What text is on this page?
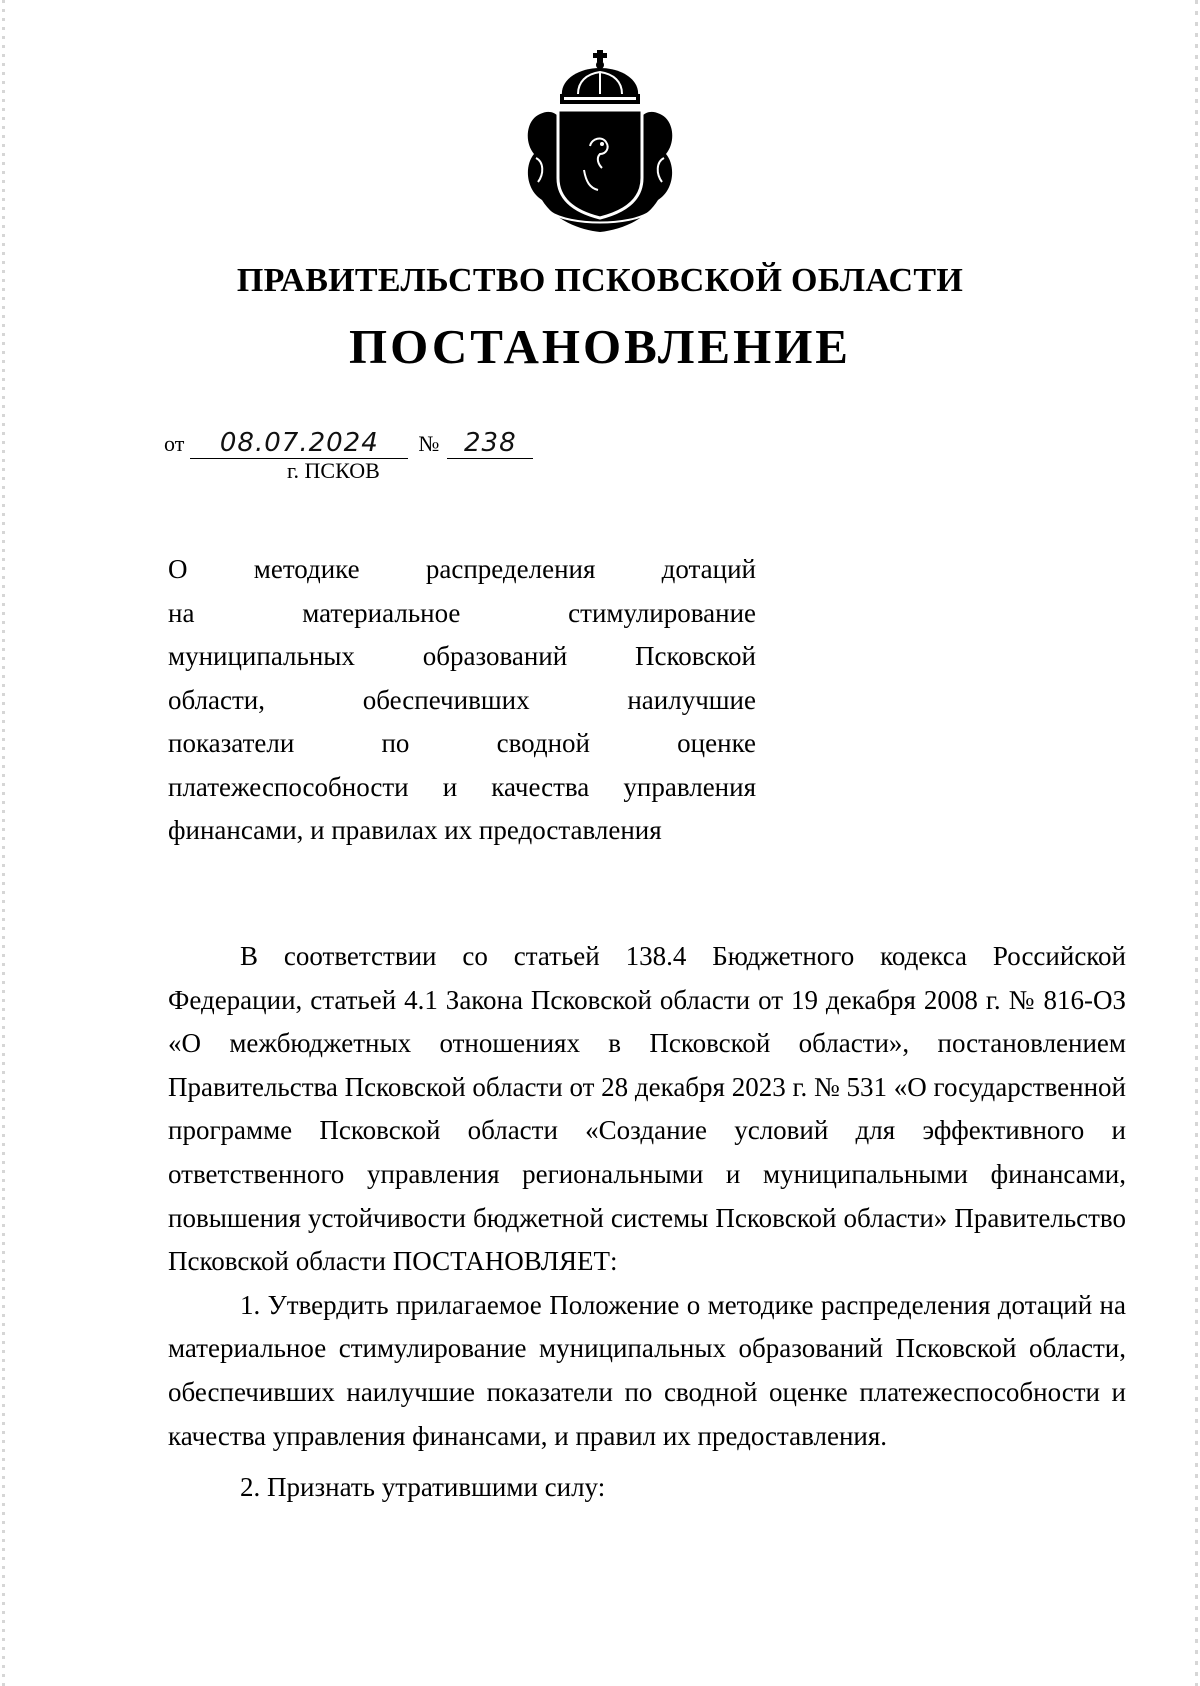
ПРАВИТЕЛЬСТВО ПСКОВСКОЙ ОБЛАСТИ
ПОСТАНОВЛЕНИЕ
от 08.07.2024 № 238
г. ПСКОВ
О методике распределения дотаций
на материальное стимулирование
муниципальных образований Псковской
области, обеспечивших наилучшие
показатели по сводной оценке
платежеспособности и качества управления
финансами, и правилах их предоставления

В соответствии со статьей 138.4 Бюджетного кодекса Российской Федерации, статьей 4.1 Закона Псковской области от 19 декабря 2008 г. № 816-ОЗ «О межбюджетных отношениях в Псковской области», постановлением Правительства Псковской области от 28 декабря 2023 г. № 531 «О государственной программе Псковской области «Создание условий для эффективного и ответственного управления региональными и муниципальными финансами, повышения устойчивости бюджетной системы Псковской области» Правительство Псковской области ПОСТАНОВЛЯЕТ:

1. Утвердить прилагаемое Положение о методике распределения дотаций на материальное стимулирование муниципальных образований Псковской области, обеспечивших наилучшие показатели по сводной оценке платежеспособности и качества управления финансами, и правил их предоставления.

2. Признать утратившими силу:
